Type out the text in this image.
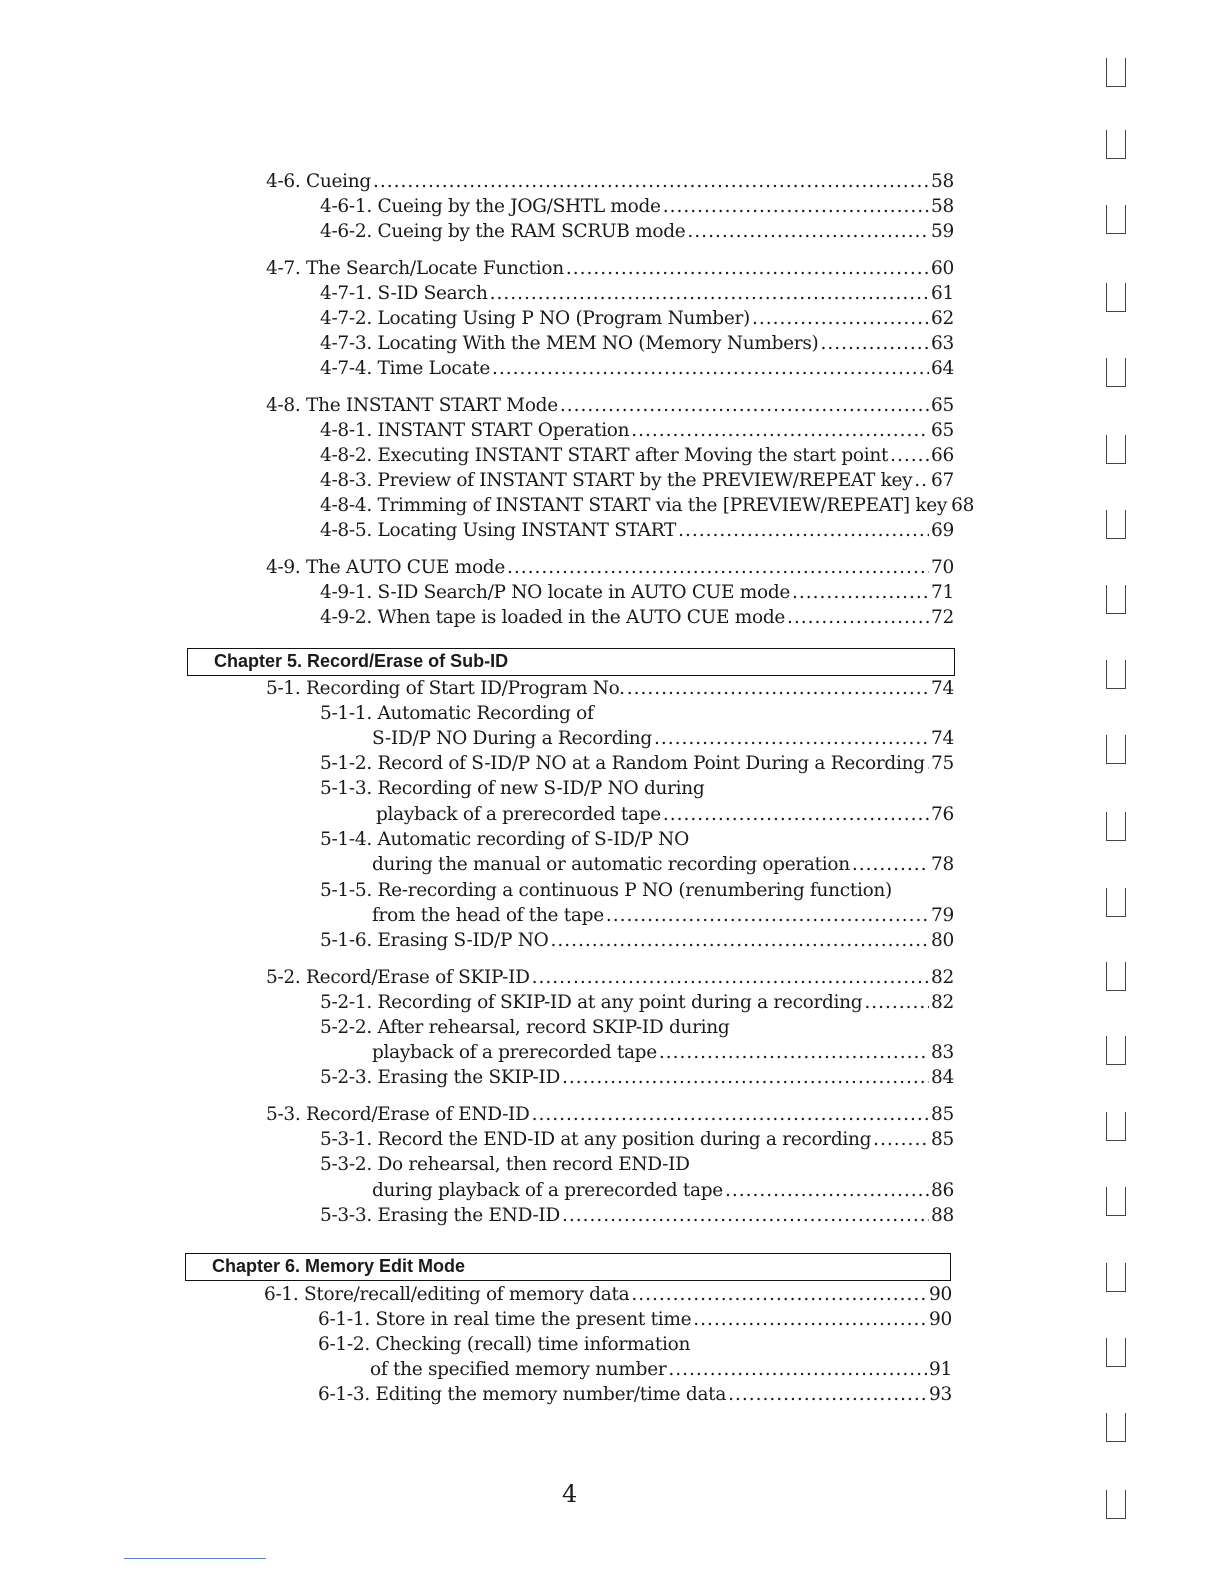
4-6. Cueing .....	58
4-6-1. Cueing by the JOG/SHTL mode .....	58
4-6-2. Cueing by the RAM SCRUB mode .....	59
4-7. The Search/Locate Function .....	60
4-7-1. S-ID Search .....	61
4-7-2. Locating Using P NO (Program Number) .....	62
4-7-3. Locating With the MEM NO (Memory Numbers) .....	63
4-7-4. Time Locate .....	64
4-8. The INSTANT START Mode .....	65
4-8-1. INSTANT START Operation .....	65
4-8-2. Executing INSTANT START after Moving the start point ..... 66
4-8-3. Preview of INSTANT START by the PREVIEW/REPEAT key ..... 67
4-8-4. Trimming of INSTANT START via the [PREVIEW/REPEAT] key 68
4-8-5. Locating Using INSTANT START .....	69
4-9. The AUTO CUE mode .....	70
4-9-1. S-ID Search/P NO locate in AUTO CUE mode .....	71
4-9-2. When tape is loaded in the AUTO CUE mode .....	72
Chapter 5. Record/Erase of Sub-ID
5-1. Recording of Start ID/Program No. .....	74
5-1-1. Automatic Recording of
S-ID/P NO During a Recording .....	74
5-1-2. Record of S-ID/P NO at a Random Point During a Recording ..... 75
5-1-3. Recording of new S-ID/P NO during
playback of a prerecorded tape .....	76
5-1-4. Automatic recording of S-ID/P NO
during the manual or automatic recording operation .....	78
5-1-5. Re-recording a continuous P NO (renumbering function)
from the head of the tape .....	79
5-1-6. Erasing S-ID/P NO .....	80
5-2. Record/Erase of SKIP-ID .....	82
5-2-1. Recording of SKIP-ID at any point during a recording .....	82
5-2-2. After rehearsal, record SKIP-ID during
playback of a prerecorded tape .....	83
5-2-3. Erasing the SKIP-ID .....	84
5-3. Record/Erase of END-ID .....	85
5-3-1. Record the END-ID at any position during a recording .....	85
5-3-2. Do rehearsal, then record END-ID
during playback of a prerecorded tape .....	86
5-3-3. Erasing the END-ID .....	88
Chapter 6. Memory Edit Mode
6-1. Store/recall/editing of memory data .....	90
6-1-1. Store in real time the present time .....	90
6-1-2. Checking (recall) time information
of the specified memory number .....	91
6-1-3. Editing the memory number/time data .....	93
4
